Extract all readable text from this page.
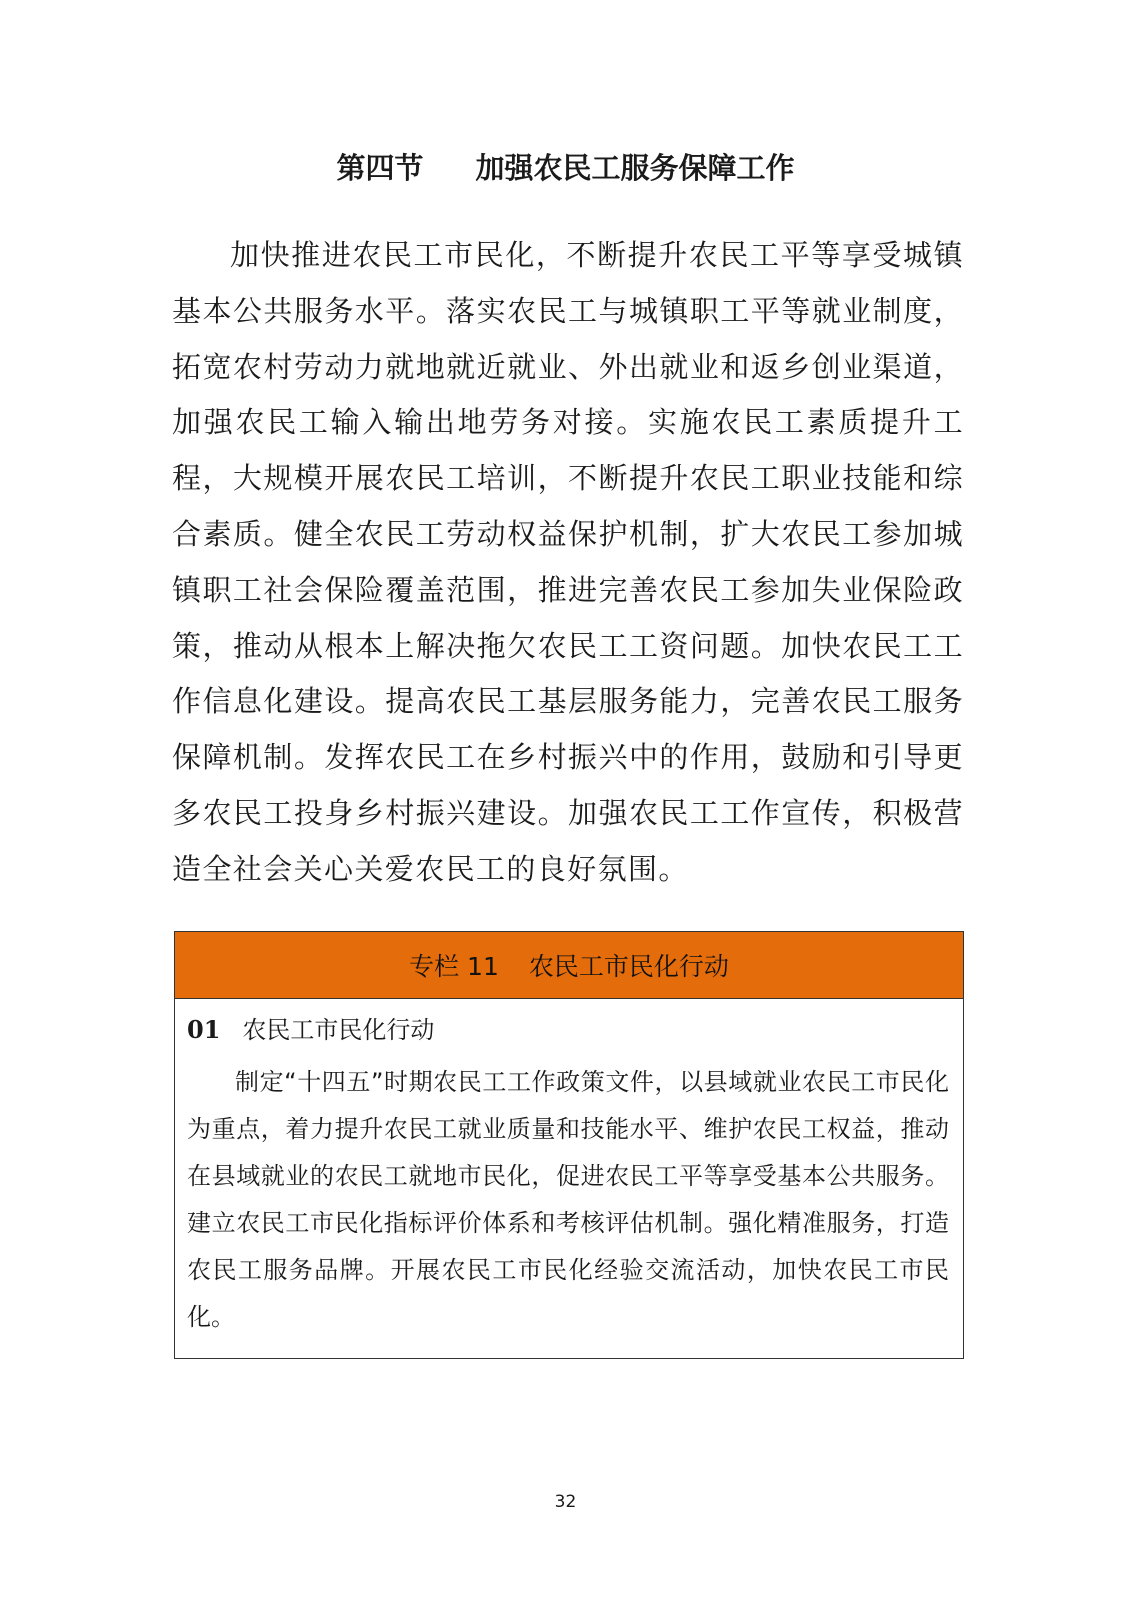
第四节 加强农民工服务保障工作

加快推进农民工市民化，不断提升农民工平等享受城镇基本公共服务水平。落实农民工与城镇职工平等就业制度，拓宽农村劳动力就地就近就业、外出就业和返乡创业渠道，加强农民工输入输出地劳务对接。实施农民工素质提升工程，大规模开展农民工培训，不断提升农民工职业技能和综合素质。健全农民工劳动权益保护机制，扩大农民工参加城镇职工社会保险覆盖范围，推进完善农民工参加失业保险政策，推动从根本上解决拖欠农民工工资问题。加快农民工工作信息化建设。提高农民工基层服务能力，完善农民工服务保障机制。发挥农民工在乡村振兴中的作用，鼓励和引导更多农民工投身乡村振兴建设。加强农民工工作宣传，积极营造全社会关心关爱农民工的良好氛围。

专栏 11 农民工市民化行动
01 农民工市民化行动

制定“十四五”时期农民工工作政策文件，以县域就业农民工市民化为重点，着力提升农民工就业质量和技能水平、维护农民工权益，推动在县域就业的农民工就地市民化，促进农民工平等享受基本公共服务。建立农民工市民化指标评价体系和考核评估机制。强化精准服务，打造农民工服务品牌。开展农民工市民化经验交流活动，加快农民工市民化。

32
